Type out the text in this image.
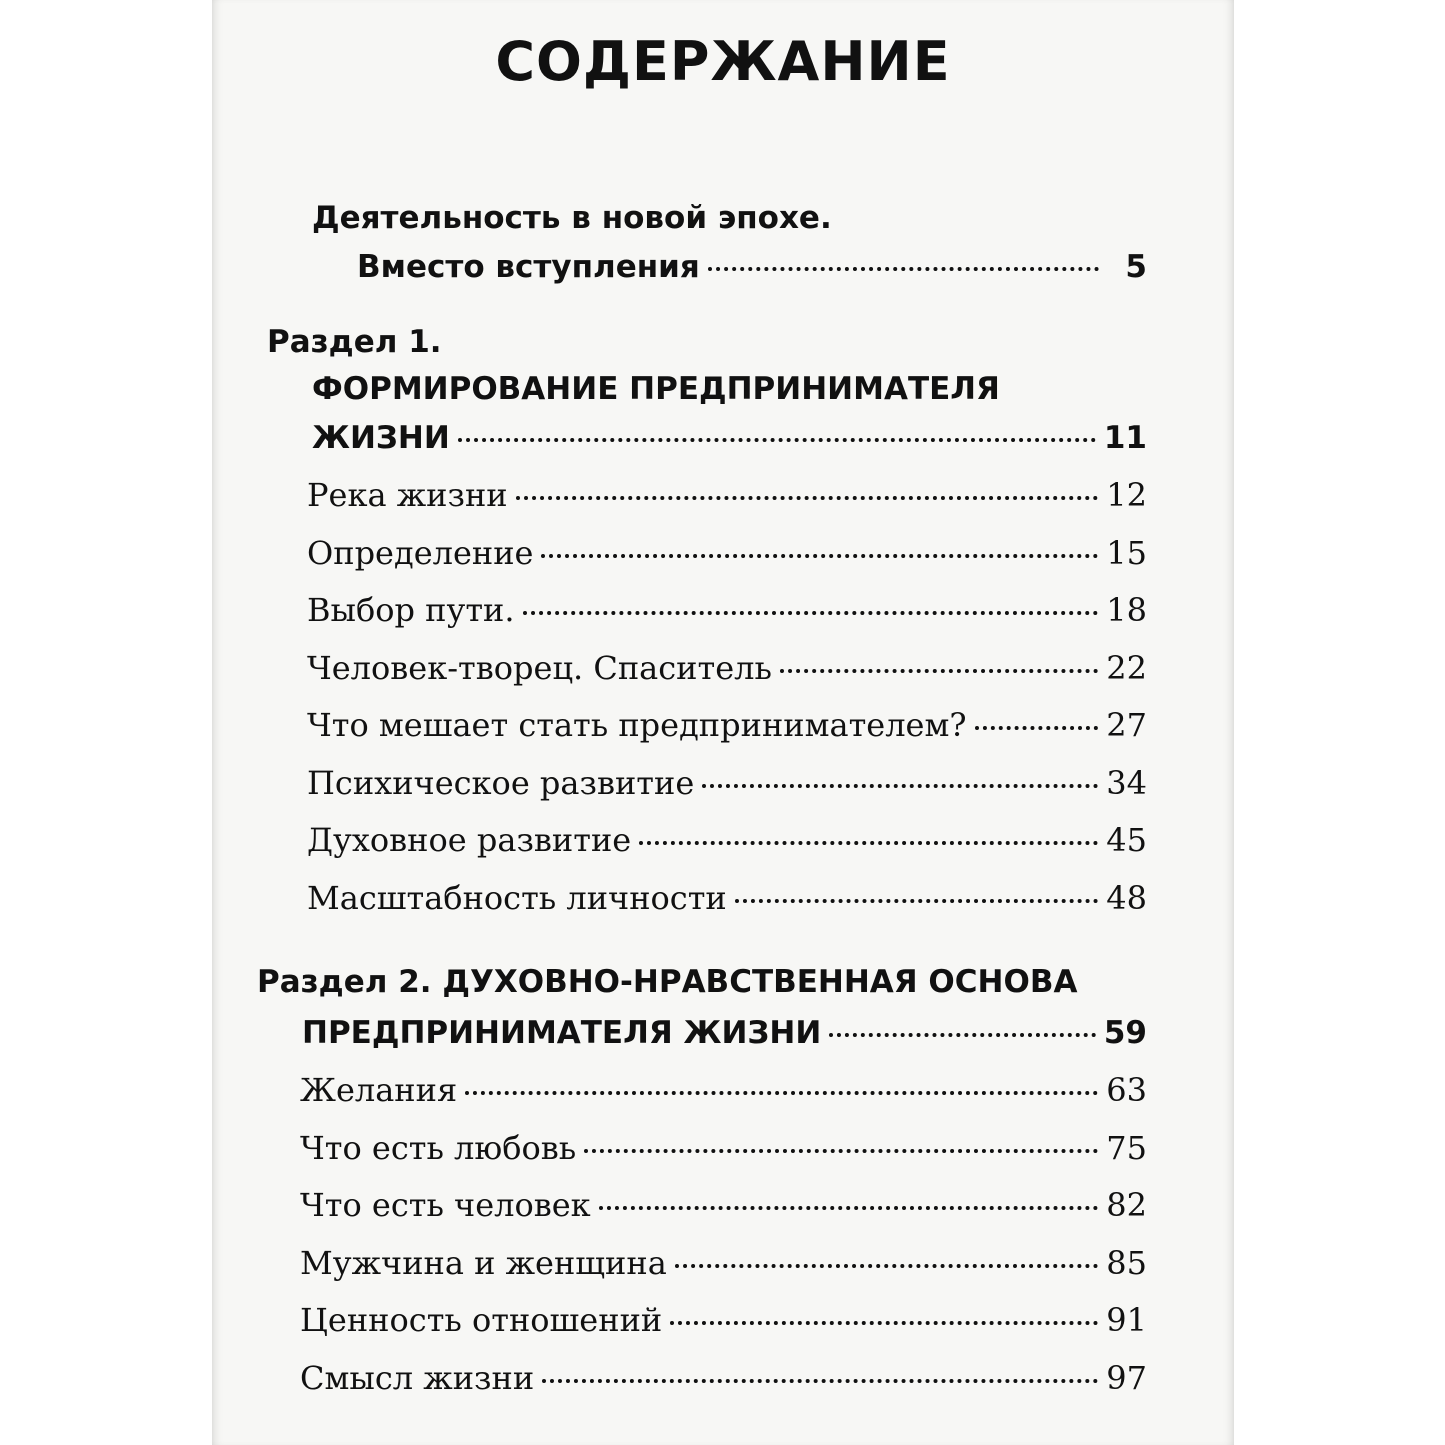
СОДЕРЖАНИЕ
Деятельность в новой эпохе.
Вместо вступления	5
Раздел 1.
ФОРМИРОВАНИЕ ПРЕДПРИНИМАТЕЛЯ
ЖИЗНИ	11
Река жизни	12
Определение	15
Выбор пути.	18
Человек-творец. Спаситель	22
Что мешает стать предпринимателем?	27
Психическое развитие	34
Духовное развитие	45
Масштабность личности	48
Раздел 2. ДУХОВНО-НРАВСТВЕННАЯ ОСНОВА
ПРЕДПРИНИМАТЕЛЯ ЖИЗНИ	59
Желания	63
Что есть любовь	75
Что есть человек	82
Мужчина и женщина	85
Ценность отношений	91
Смысл жизни	97
